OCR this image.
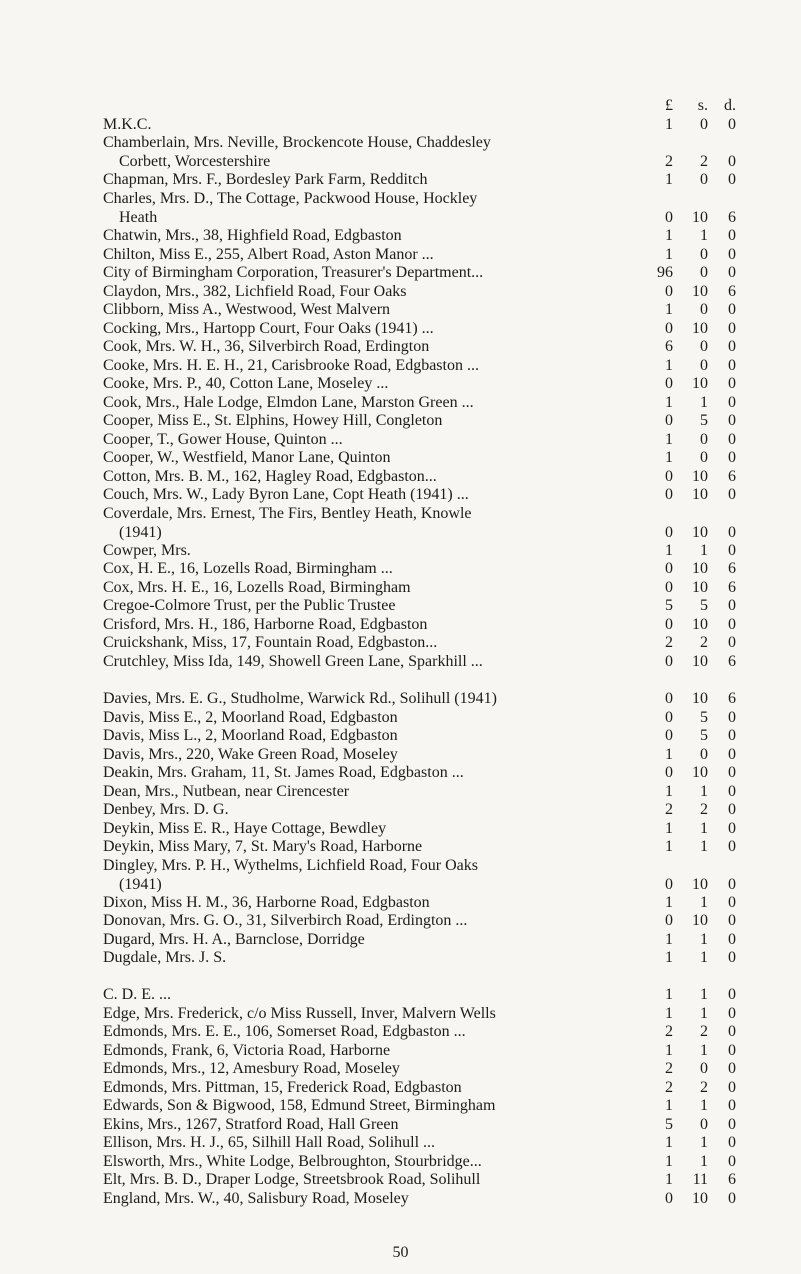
£	s.	d.
M.K.C.	1	0	0
Chamberlain, Mrs. Neville, Brockencote House, Chaddesley
Corbett, Worcestershire	2	2	0
Chapman, Mrs. F., Bordesley Park Farm, Redditch	1	0	0
Charles, Mrs. D., The Cottage, Packwood House, Hockley
Heath	0	10	6
Chatwin, Mrs., 38, Highfield Road, Edgbaston	1	1	0
Chilton, Miss E., 255, Albert Road, Aston Manor ...	1	0	0
City of Birmingham Corporation, Treasurer's Department...	96	0	0
Claydon, Mrs., 382, Lichfield Road, Four Oaks	0	10	6
Clibborn, Miss A., Westwood, West Malvern	1	0	0
Cocking, Mrs., Hartopp Court, Four Oaks (1941) ...	0	10	0
Cook, Mrs. W. H., 36, Silverbirch Road, Erdington	6	0	0
Cooke, Mrs. H. E. H., 21, Carisbrooke Road, Edgbaston ...	1	0	0
Cooke, Mrs. P., 40, Cotton Lane, Moseley ...	0	10	0
Cook, Mrs., Hale Lodge, Elmdon Lane, Marston Green ...	1	1	0
Cooper, Miss E., St. Elphins, Howey Hill, Congleton	0	5	0
Cooper, T., Gower House, Quinton ...	1	0	0
Cooper, W., Westfield, Manor Lane, Quinton	1	0	0
Cotton, Mrs. B. M., 162, Hagley Road, Edgbaston...	0	10	6
Couch, Mrs. W., Lady Byron Lane, Copt Heath (1941) ...	0	10	0
Coverdale, Mrs. Ernest, The Firs, Bentley Heath, Knowle
(1941)	0	10	0
Cowper, Mrs.	1	1	0
Cox, H. E., 16, Lozells Road, Birmingham ...	0	10	6
Cox, Mrs. H. E., 16, Lozells Road, Birmingham	0	10	6
Cregoe-Colmore Trust, per the Public Trustee	5	5	0
Crisford, Mrs. H., 186, Harborne Road, Edgbaston	0	10	0
Cruickshank, Miss, 17, Fountain Road, Edgbaston...	2	2	0
Crutchley, Miss Ida, 149, Showell Green Lane, Sparkhill ...	0	10	6
Davies, Mrs. E. G., Studholme, Warwick Rd., Solihull (1941)	0	10	6
Davis, Miss E., 2, Moorland Road, Edgbaston	0	5	0
Davis, Miss L., 2, Moorland Road, Edgbaston	0	5	0
Davis, Mrs., 220, Wake Green Road, Moseley	1	0	0
Deakin, Mrs. Graham, 11, St. James Road, Edgbaston ...	0	10	0
Dean, Mrs., Nutbean, near Cirencester	1	1	0
Denbey, Mrs. D. G.	2	2	0
Deykin, Miss E. R., Haye Cottage, Bewdley	1	1	0
Deykin, Miss Mary, 7, St. Mary's Road, Harborne	1	1	0
Dingley, Mrs. P. H., Wythelms, Lichfield Road, Four Oaks
(1941)	0	10	0
Dixon, Miss H. M., 36, Harborne Road, Edgbaston	1	1	0
Donovan, Mrs. G. O., 31, Silverbirch Road, Erdington ...	0	10	0
Dugard, Mrs. H. A., Barnclose, Dorridge	1	1	0
Dugdale, Mrs. J. S.	1	1	0
C. D. E. ...	1	1	0
Edge, Mrs. Frederick, c/o Miss Russell, Inver, Malvern Wells	1	1	0
Edmonds, Mrs. E. E., 106, Somerset Road, Edgbaston ...	2	2	0
Edmonds, Frank, 6, Victoria Road, Harborne	1	1	0
Edmonds, Mrs., 12, Amesbury Road, Moseley	2	0	0
Edmonds, Mrs. Pittman, 15, Frederick Road, Edgbaston	2	2	0
Edwards, Son & Bigwood, 158, Edmund Street, Birmingham	1	1	0
Ekins, Mrs., 1267, Stratford Road, Hall Green	5	0	0
Ellison, Mrs. H. J., 65, Silhill Hall Road, Solihull ...	1	1	0
Elsworth, Mrs., White Lodge, Belbroughton, Stourbridge...	1	1	0
Elt, Mrs. B. D., Draper Lodge, Streetsbrook Road, Solihull	1	11	6
England, Mrs. W., 40, Salisbury Road, Moseley	0	10	0
50
